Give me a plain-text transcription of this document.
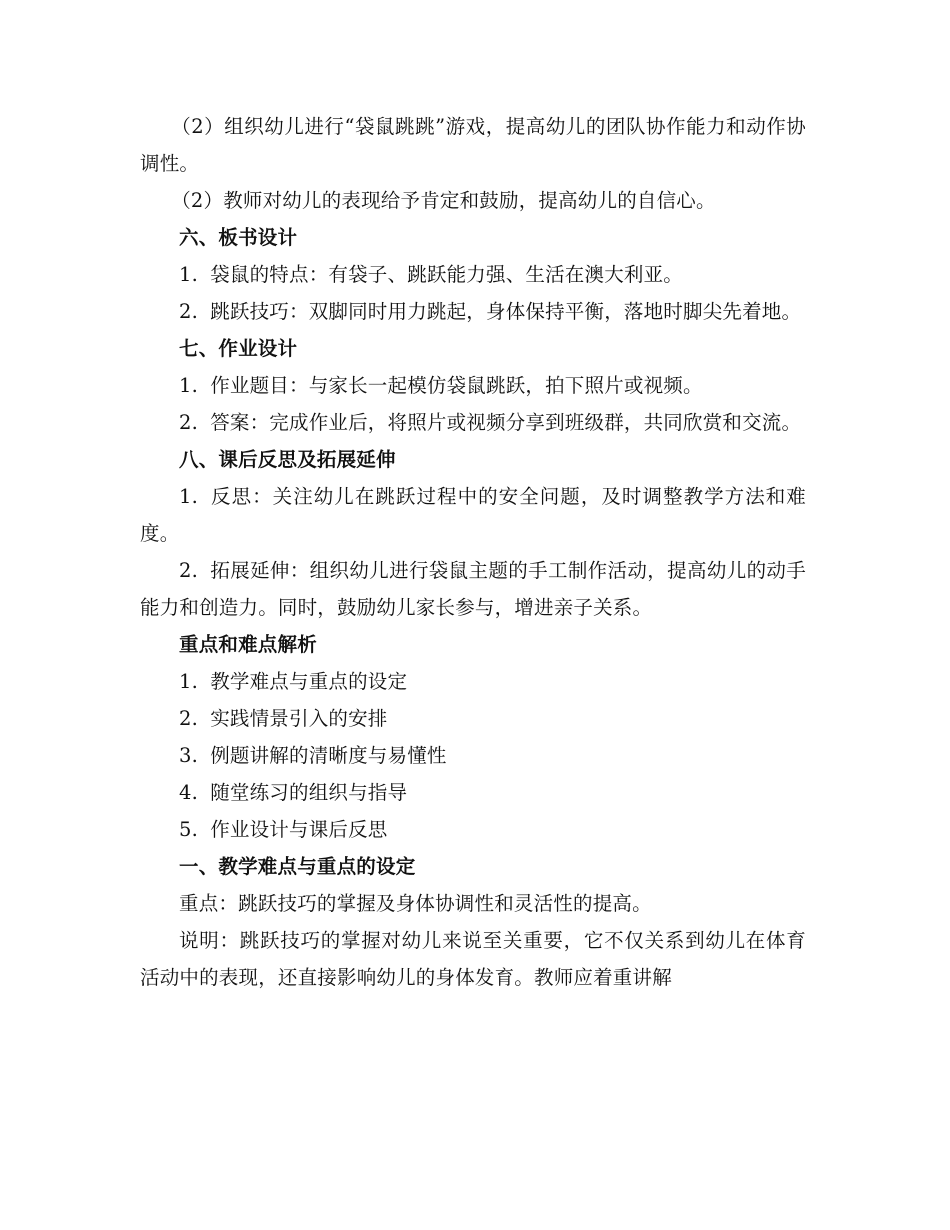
（2）组织幼儿进行“袋鼠跳跳”游戏，提高幼儿的团队协作能力和动作协调性。

（2）教师对幼儿的表现给予肯定和鼓励，提高幼儿的自信心。

六、板书设计

1. 袋鼠的特点：有袋子、跳跃能力强、生活在澳大利亚。

2. 跳跃技巧：双脚同时用力跳起，身体保持平衡，落地时脚尖先着地。

七、作业设计

1. 作业题目：与家长一起模仿袋鼠跳跃，拍下照片或视频。

2. 答案：完成作业后，将照片或视频分享到班级群，共同欣赏和交流。

八、课后反思及拓展延伸

1. 反思：关注幼儿在跳跃过程中的安全问题，及时调整教学方法和难度。

2. 拓展延伸：组织幼儿进行袋鼠主题的手工制作活动，提高幼儿的动手能力和创造力。同时，鼓励幼儿家长参与，增进亲子关系。

重点和难点解析

1. 教学难点与重点的设定

2. 实践情景引入的安排

3. 例题讲解的清晰度与易懂性

4. 随堂练习的组织与指导

5. 作业设计与课后反思

一、教学难点与重点的设定

重点：跳跃技巧的掌握及身体协调性和灵活性的提高。

说明：跳跃技巧的掌握对幼儿来说至关重要，它不仅关系到幼儿在体育活动中的表现，还直接影响幼儿的身体发育。教师应着重讲解
